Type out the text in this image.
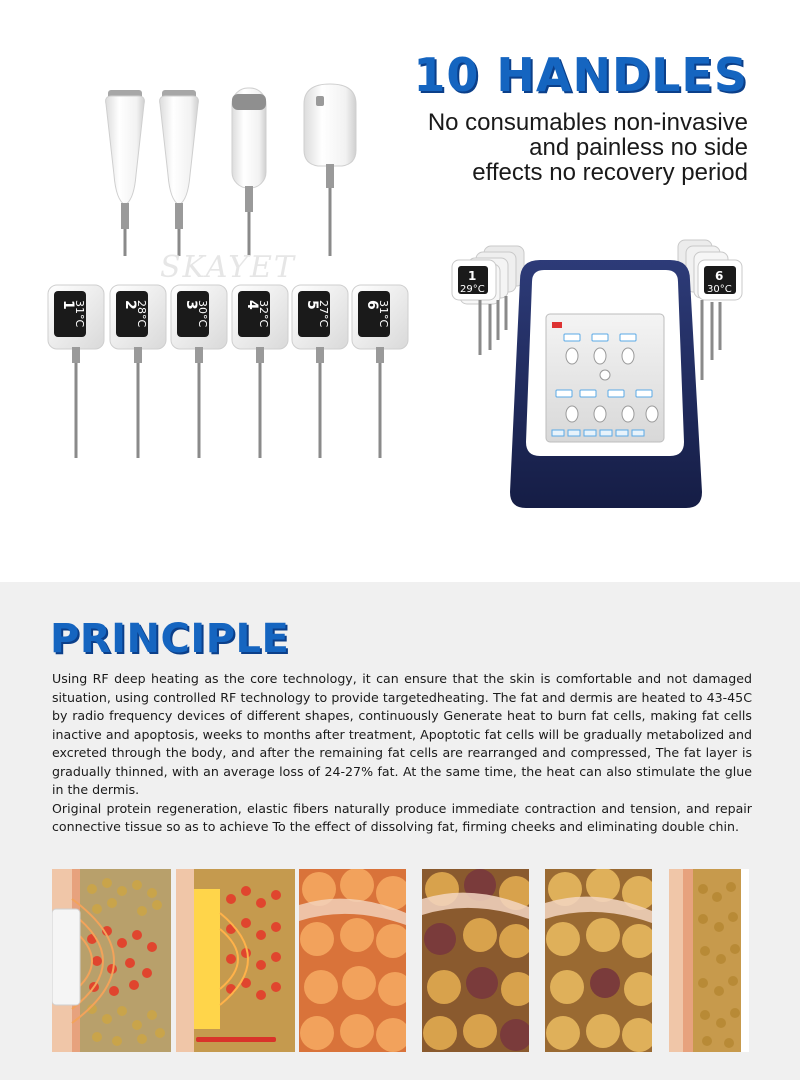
10 HANDLES
No consumables non-invasive
and painless no side
effects no recovery period
1
31°C	2
28°C	3
30°C	4
32°C 5
27°C 6
31°C
SKAYET	1
29°C
6
30°C
PRINCIPLE

Using RF deep heating as the core technology, it can ensure that the skin is comfortable and not damaged situation, using controlled RF technology to provide targetedheating. The fat and dermis are heated to 43-45C by radio frequency devices of different shapes, continuously Generate heat to burn fat cells, making fat cells inactive and apoptosis, weeks to months after treatment, Apoptotic fat cells will be gradually metabolized and excreted through the body, and after the remaining fat cells are rearranged and compressed, The fat layer is gradually thinned, with an average loss of 24-27% fat. At the same time, the heat can also stimulate the glue in the dermis.

Original protein regeneration, elastic fibers naturally produce immediate contraction and tension, and repair connective tissue so as to achieve To the effect of dissolving fat, firming cheeks and eliminating double chin.
